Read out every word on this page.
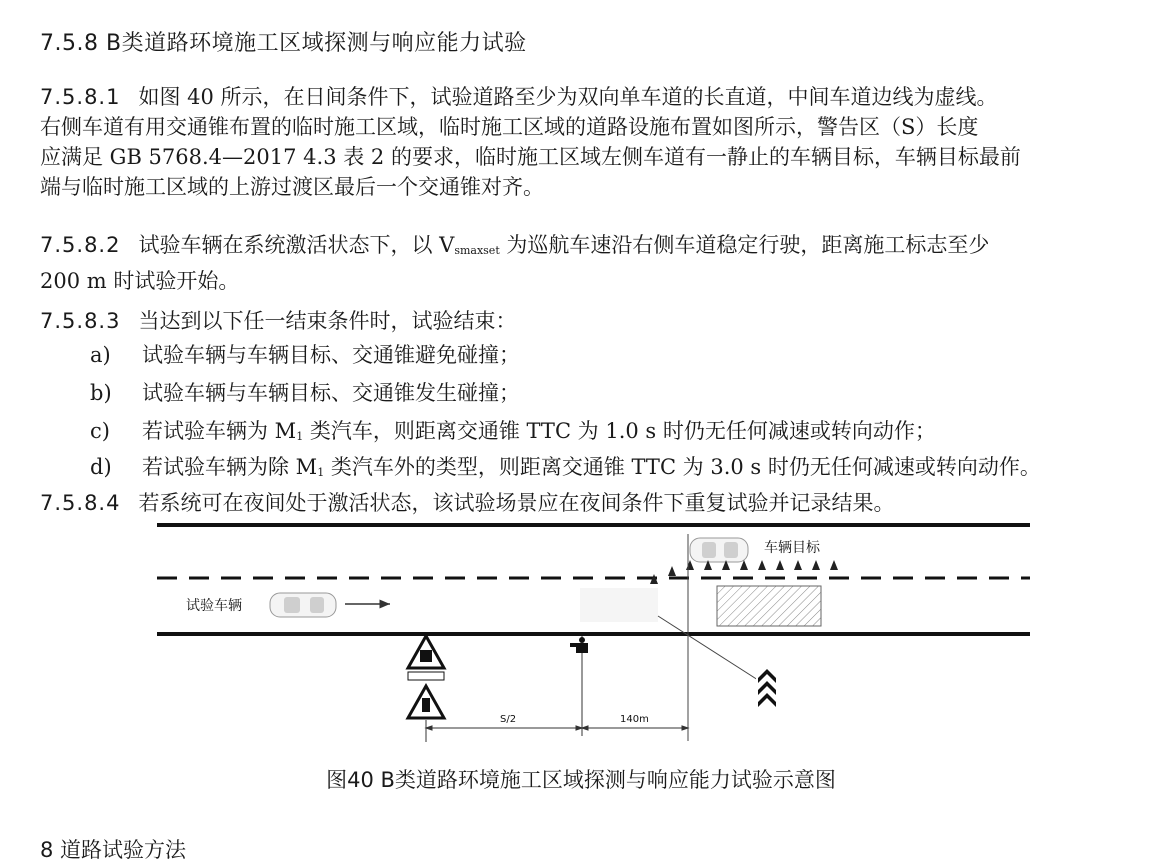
7.5.8 B类道路环境施工区域探测与响应能力试验
7.5.8.1 如图 40 所示，在日间条件下，试验道路至少为双向单车道的长直道，中间车道边线为虚线。
右侧车道有用交通锥布置的临时施工区域，临时施工区域的道路设施布置如图所示，警告区（S）长度
应满足 GB 5768.4—2017 4.3 表 2 的要求，临时施工区域左侧车道有一静止的车辆目标，车辆目标最前
端与临时施工区域的上游过渡区最后一个交通锥对齐。
7.5.8.2 试验车辆在系统激活状态下，以 $V_{smaxset}$ 为巡航车速沿右侧车道稳定行驶，距离施工标志至少
200 m 时试验开始。
7.5.8.3 当达到以下任一结束条件时，试验结束：
a) 试验车辆与车辆目标、交通锥避免碰撞；
b) 试验车辆与车辆目标、交通锥发生碰撞；
c) 若试验车辆为 $M_1$ 类汽车，则距离交通锥 TTC 为 1.0 s 时仍无任何减速或转向动作；
d) 若试验车辆为除 $M_1$ 类汽车外的类型，则距离交通锥 TTC 为 3.0 s 时仍无任何减速或转向动作。
7.5.8.4 若系统可在夜间处于激活状态，该试验场景应在夜间条件下重复试验并记录结果。
试验车辆
车辆目标
S/2	140m
图40 B类道路环境施工区域探测与响应能力试验示意图
8 道路试验方法
